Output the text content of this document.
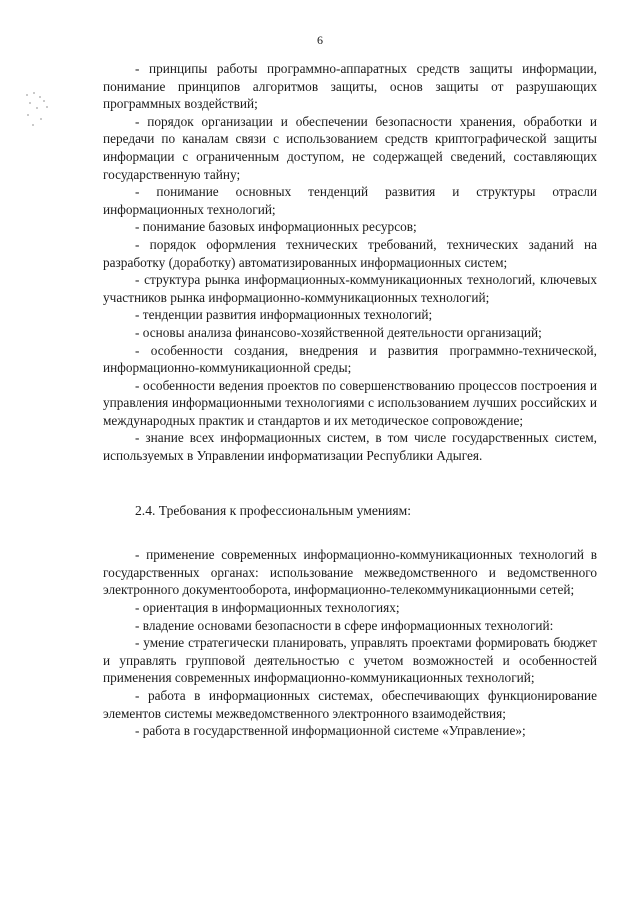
6

- принципы работы программно-аппаратных средств защиты информации, понимание принципов алгоритмов защиты, основ защиты от разрушающих программных воздействий;

- порядок организации и обеспечении безопасности хранения, обработки и передачи по каналам связи с использованием средств криптографической защиты информации с ограниченным доступом, не содержащей сведений, составляющих государственную тайну;

- понимание основных тенденций развития и структуры отрасли информационных технологий;

- понимание базовых информационных ресурсов;

- порядок оформления технических требований, технических заданий на разработку (доработку) автоматизированных информационных систем;

- структура рынка информационных-коммуникационных технологий, ключевых участников рынка информационно-коммуникационных технологий;

- тенденции развития информационных технологий;

- основы анализа финансово-хозяйственной деятельности организаций;

- особенности создания, внедрения и развития программно-технической, информационно-коммуникационной среды;

- особенности ведения проектов по совершенствованию процессов построения и управления информационными технологиями с использованием лучших российских и международных практик и стандартов и их методическое сопровождение;

- знание всех информационных систем, в том числе государственных систем, используемых в Управлении информатизации Республики Адыгея.

2.4. Требования к профессиональным умениям:

- применение современных информационно-коммуникационных технологий в государственных органах: использование межведомственного и ведомственного электронного документооборота, информационно-телекоммуникационными сетей;

- ориентация в информационных технологиях;

- владение основами безопасности в сфере информационных технологий:

- умение стратегически планировать, управлять проектами формировать бюджет и управлять групповой деятельностью с учетом возможностей и особенностей применения современных информационно-коммуникационных технологий;

- работа в информационных системах, обеспечивающих функционирование элементов системы межведомственного электронного взаимодействия;

- работа в государственной информационной системе «Управление»;
